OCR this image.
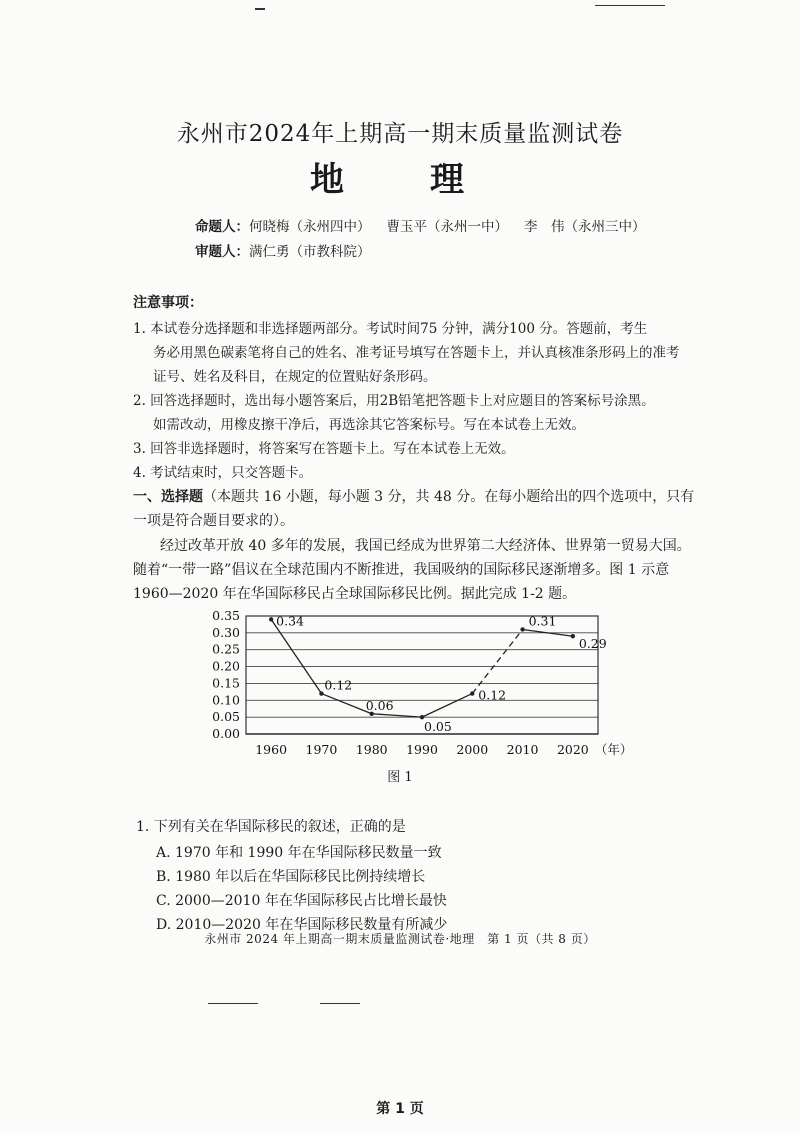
永州市2024年上期高一期末质量监测试卷
地　理
命题人：何晓梅（永州四中） 曹玉平（永州一中） 李　伟（永州三中）
审题人：满仁勇（市教科院）
注意事项：
1. 本试卷分选择题和非选择题两部分。考试时间75 分钟，满分100 分。答题前，考生
务必用黑色碳素笔将自己的姓名、准考证号填写在答题卡上，并认真核准条形码上的准考
证号、姓名及科目，在规定的位置贴好条形码。
2. 回答选择题时，选出每小题答案后，用2B铅笔把答题卡上对应题目的答案标号涂黑。
如需改动，用橡皮擦干净后，再选涂其它答案标号。写在本试卷上无效。
3. 回答非选择题时，将答案写在答题卡上。写在本试卷上无效。
4. 考试结束时，只交答题卡。
一、选择题（本题共 16 小题，每小题 3 分，共 48 分。在每小题给出的四个选项中，只有
一项是符合题目要求的）。
经过改革开放 40 多年的发展，我国已经成为世界第二大经济体、世界第一贸易大国。
随着“一带一路”倡议在全球范围内不断推进，我国吸纳的国际移民逐渐增多。图 1 示意
1960—2020 年在华国际移民占全球国际移民比例。据此完成 1-2 题。
0.35
0.30
0.25
0.20
0.15
0.10
0.05
0.00
1960 1970 1980 1990 2000 2010 2020 （年）
0.34
0.12
0.06
0.05
0.12
0.31
0.29
图 1
1. 下列有关在华国际移民的叙述，正确的是
A. 1970 年和 1990 年在华国际移民数量一致
B. 1980 年以后在华国际移民比例持续增长
C. 2000—2010 年在华国际移民占比增长最快
D. 2010—2020 年在华国际移民数量有所减少
永州市 2024 年上期高一期末质量监测试卷·地理　第 1 页（共 8 页）
第 1 页
